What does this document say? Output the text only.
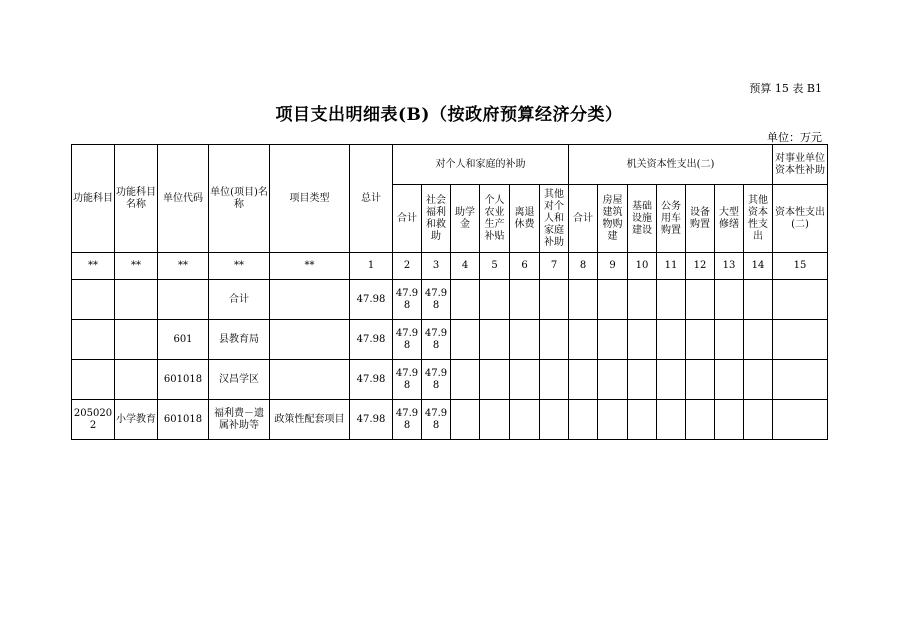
预算 15 表 B1
项目支出明细表(B)（按政府预算经济分类）
单位：万元
功能科目	功能科目名称	单位代码	单位(项目)名称	项目类型	总计	对个人和家庭的补助						机关资本性支出(二)							对事业单位资本性补助
						合计	社会福利和救助	助学金	个人农业生产补贴	离退休费	其他对个人和家庭补助	合计	房屋建筑物购建	基础设施建设	公务用车购置	设备购置	大型修缮	其他资本性支出	资本性支出(二)
**	**	**	**	**	1	2	3	4	5	6	7	8	9	10	11	12	13	14	15
			合计		47.98	47.98	47.98												
		601	县教育局		47.98	47.98	47.98												
		601018	汉昌学区		47.98	47.98	47.98												
2050202	小学教育	601018	福利费－遗属补助等	政策性配套项目	47.98	47.98	47.98												
